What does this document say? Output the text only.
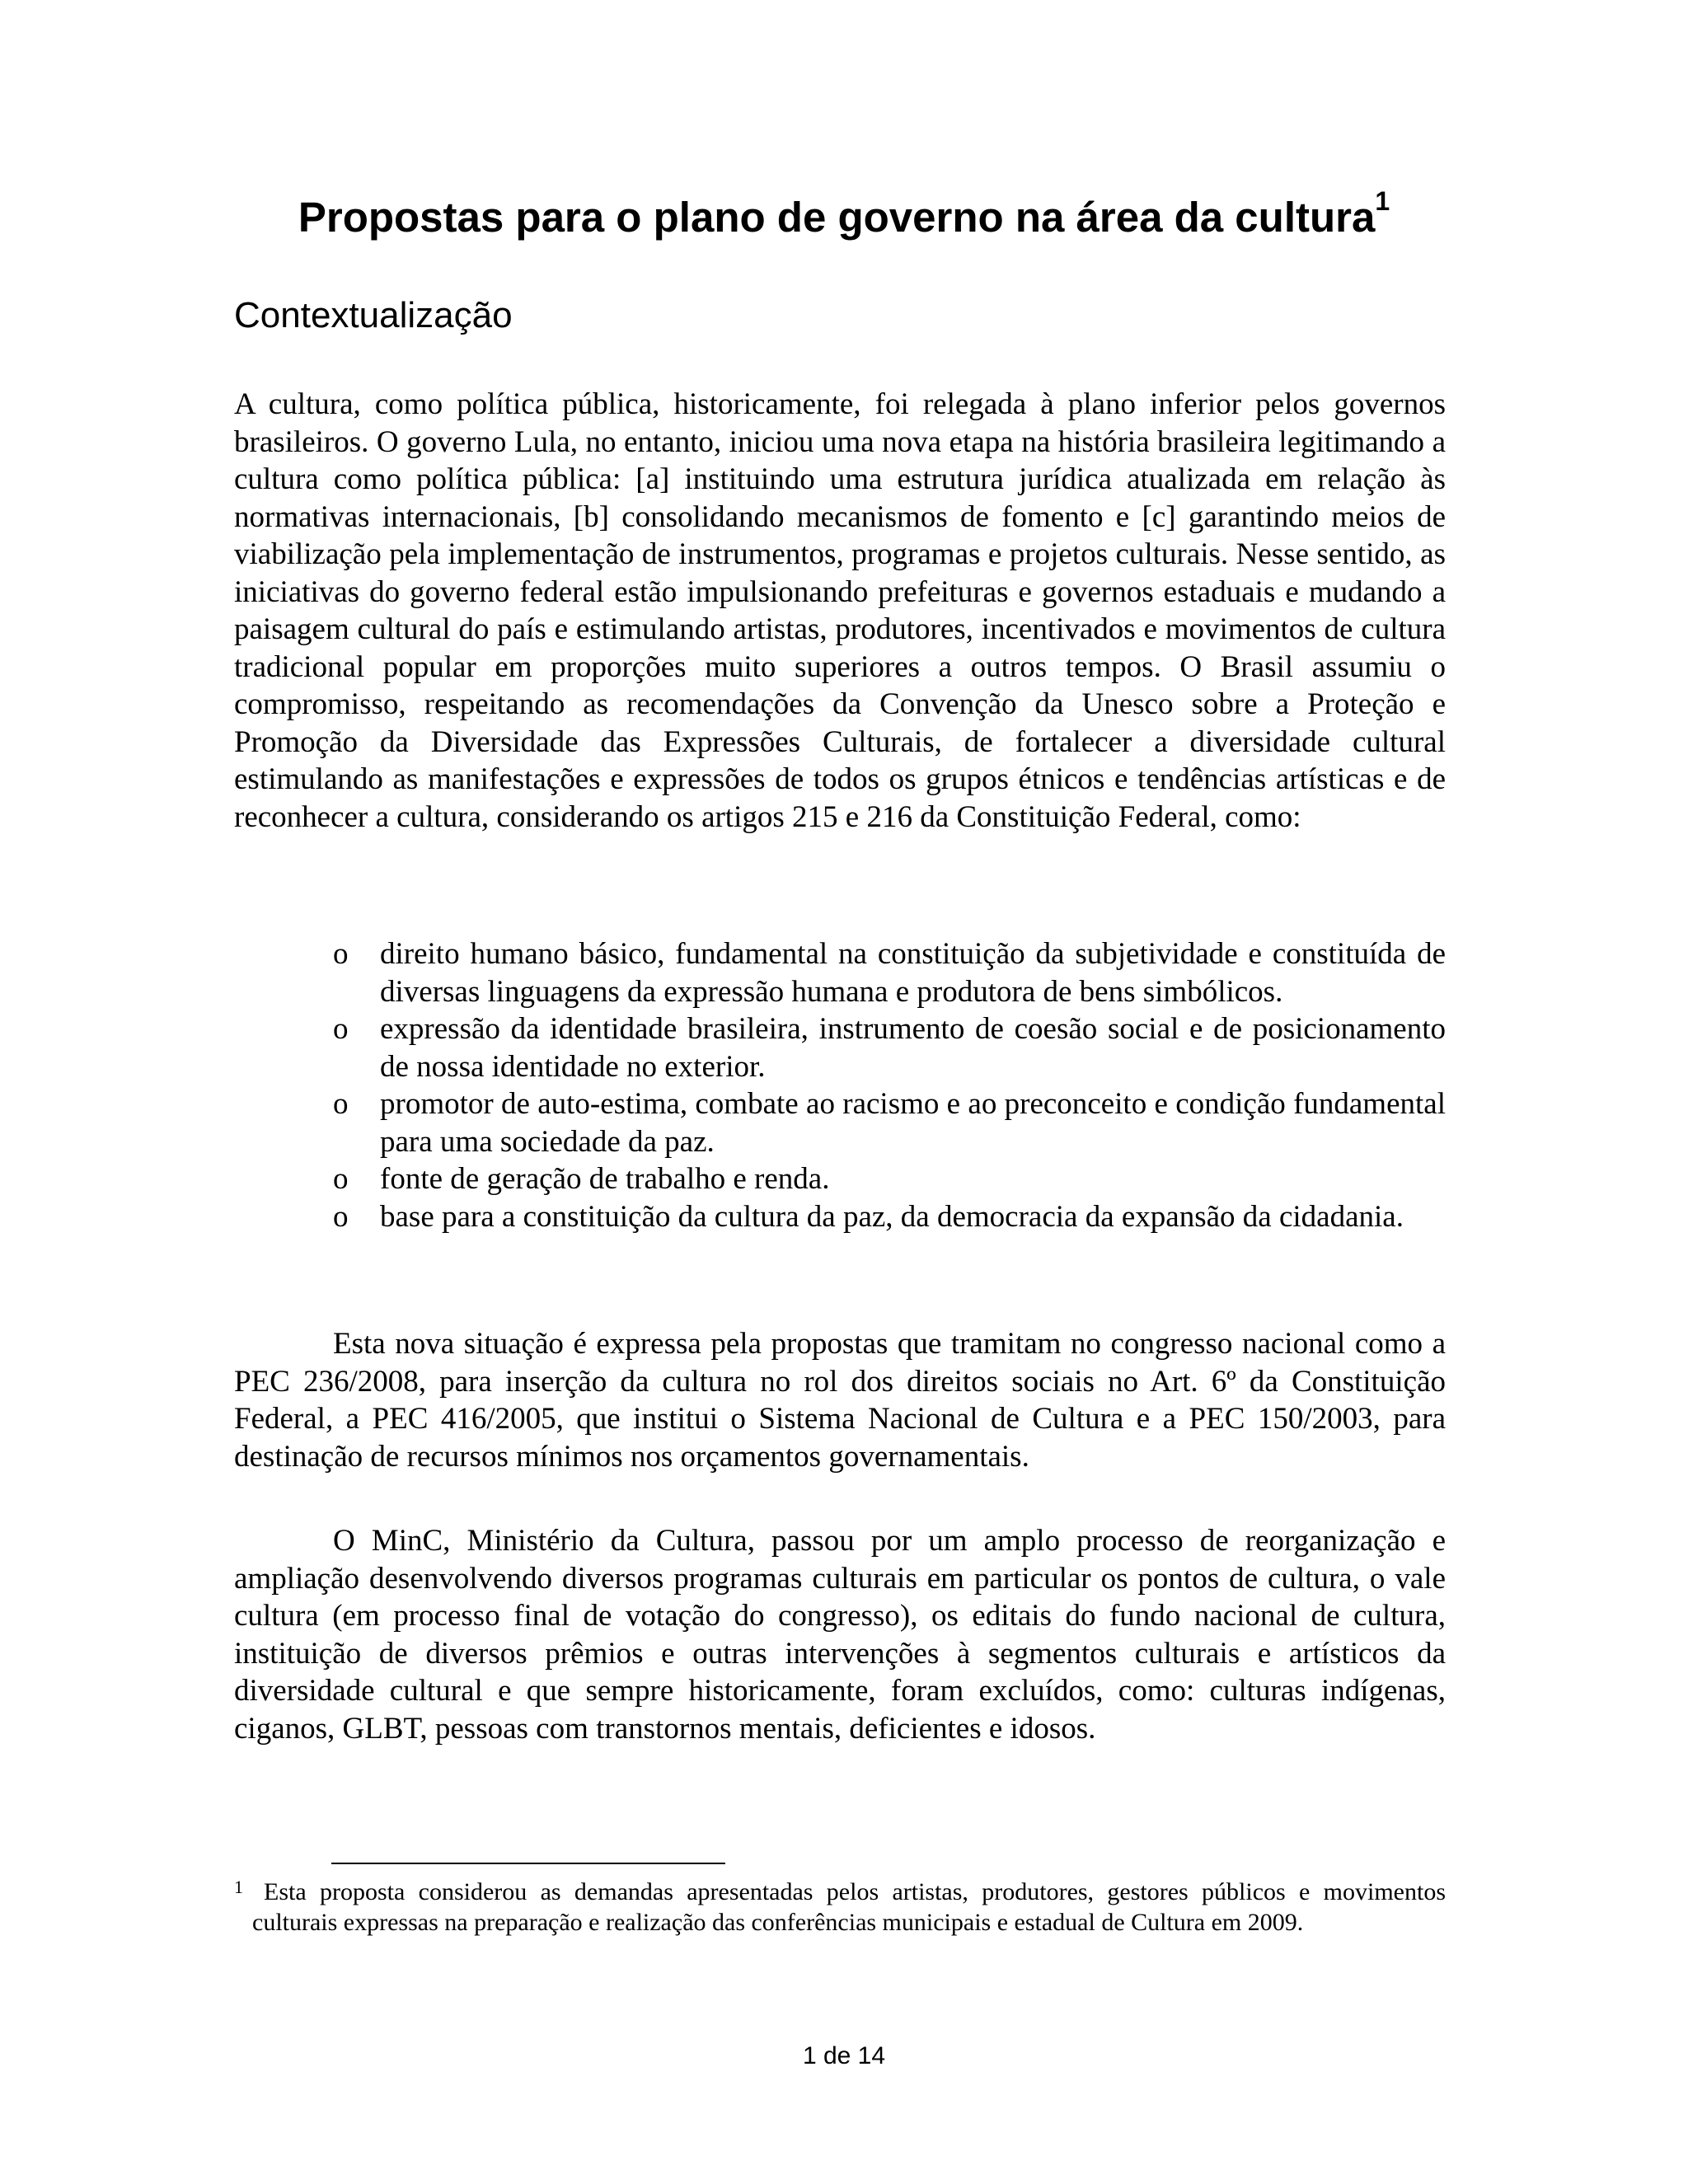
Propostas para o plano de governo na área da cultura$^1$
Contextualização

A cultura, como política pública, historicamente, foi relegada à plano inferior pelos governos brasileiros. O governo Lula, no entanto, iniciou uma nova etapa na história brasileira legitimando a cultura como política pública: [a] instituindo uma estrutura jurídica atualizada em relação às normativas internacionais, [b] consolidando mecanismos de fomento e [c] garantindo meios de viabilização pela implementação de instrumentos, programas e projetos culturais. Nesse sentido, as iniciativas do governo federal estão impulsionando prefeituras e governos estaduais e mudando a paisagem cultural do país e estimulando artistas, produtores, incentivados e movimentos de cultura tradicional popular em proporções muito superiores a outros tempos. O Brasil assumiu o compromisso, respeitando as recomendações da Convenção da Unesco sobre a Proteção e Promoção da Diversidade das Expressões Culturais, de fortalecer a diversidade cultural estimulando as manifestações e expressões de todos os grupos étnicos e tendências artísticas e de reconhecer a cultura, considerando os artigos 215 e 216 da Constituição Federal, como:

o direito humano básico, fundamental na constituição da subjetividade e constituída de diversas linguagens da expressão humana e produtora de bens simbólicos.
o expressão da identidade brasileira, instrumento de coesão social e de posicionamento de nossa identidade no exterior.
o promotor de auto-estima, combate ao racismo e ao preconceito e condição fundamental para uma sociedade da paz.
o fonte de geração de trabalho e renda.
o base para a constituição da cultura da paz, da democracia da expansão da cidadania.

Esta nova situação é expressa pela propostas que tramitam no congresso nacional como a PEC 236/2008, para inserção da cultura no rol dos direitos sociais no Art. 6º da Constituição Federal, a PEC 416/2005, que institui o Sistema Nacional de Cultura e a PEC 150/2003, para destinação de recursos mínimos nos orçamentos governamentais.

O MinC, Ministério da Cultura, passou por um amplo processo de reorganização e ampliação desenvolvendo diversos programas culturais em particular os pontos de cultura, o vale cultura (em processo final de votação do congresso), os editais do fundo nacional de cultura, instituição de diversos prêmios e outras intervenções à segmentos culturais e artísticos da diversidade cultural e que sempre historicamente, foram excluídos, como: culturas indígenas, ciganos, GLBT, pessoas com transtornos mentais, deficientes e idosos.

1 Esta proposta considerou as demandas apresentadas pelos artistas, produtores, gestores públicos e movimentos culturais expressas na preparação e realização das conferências municipais e estadual de Cultura em 2009.

1 de 14
